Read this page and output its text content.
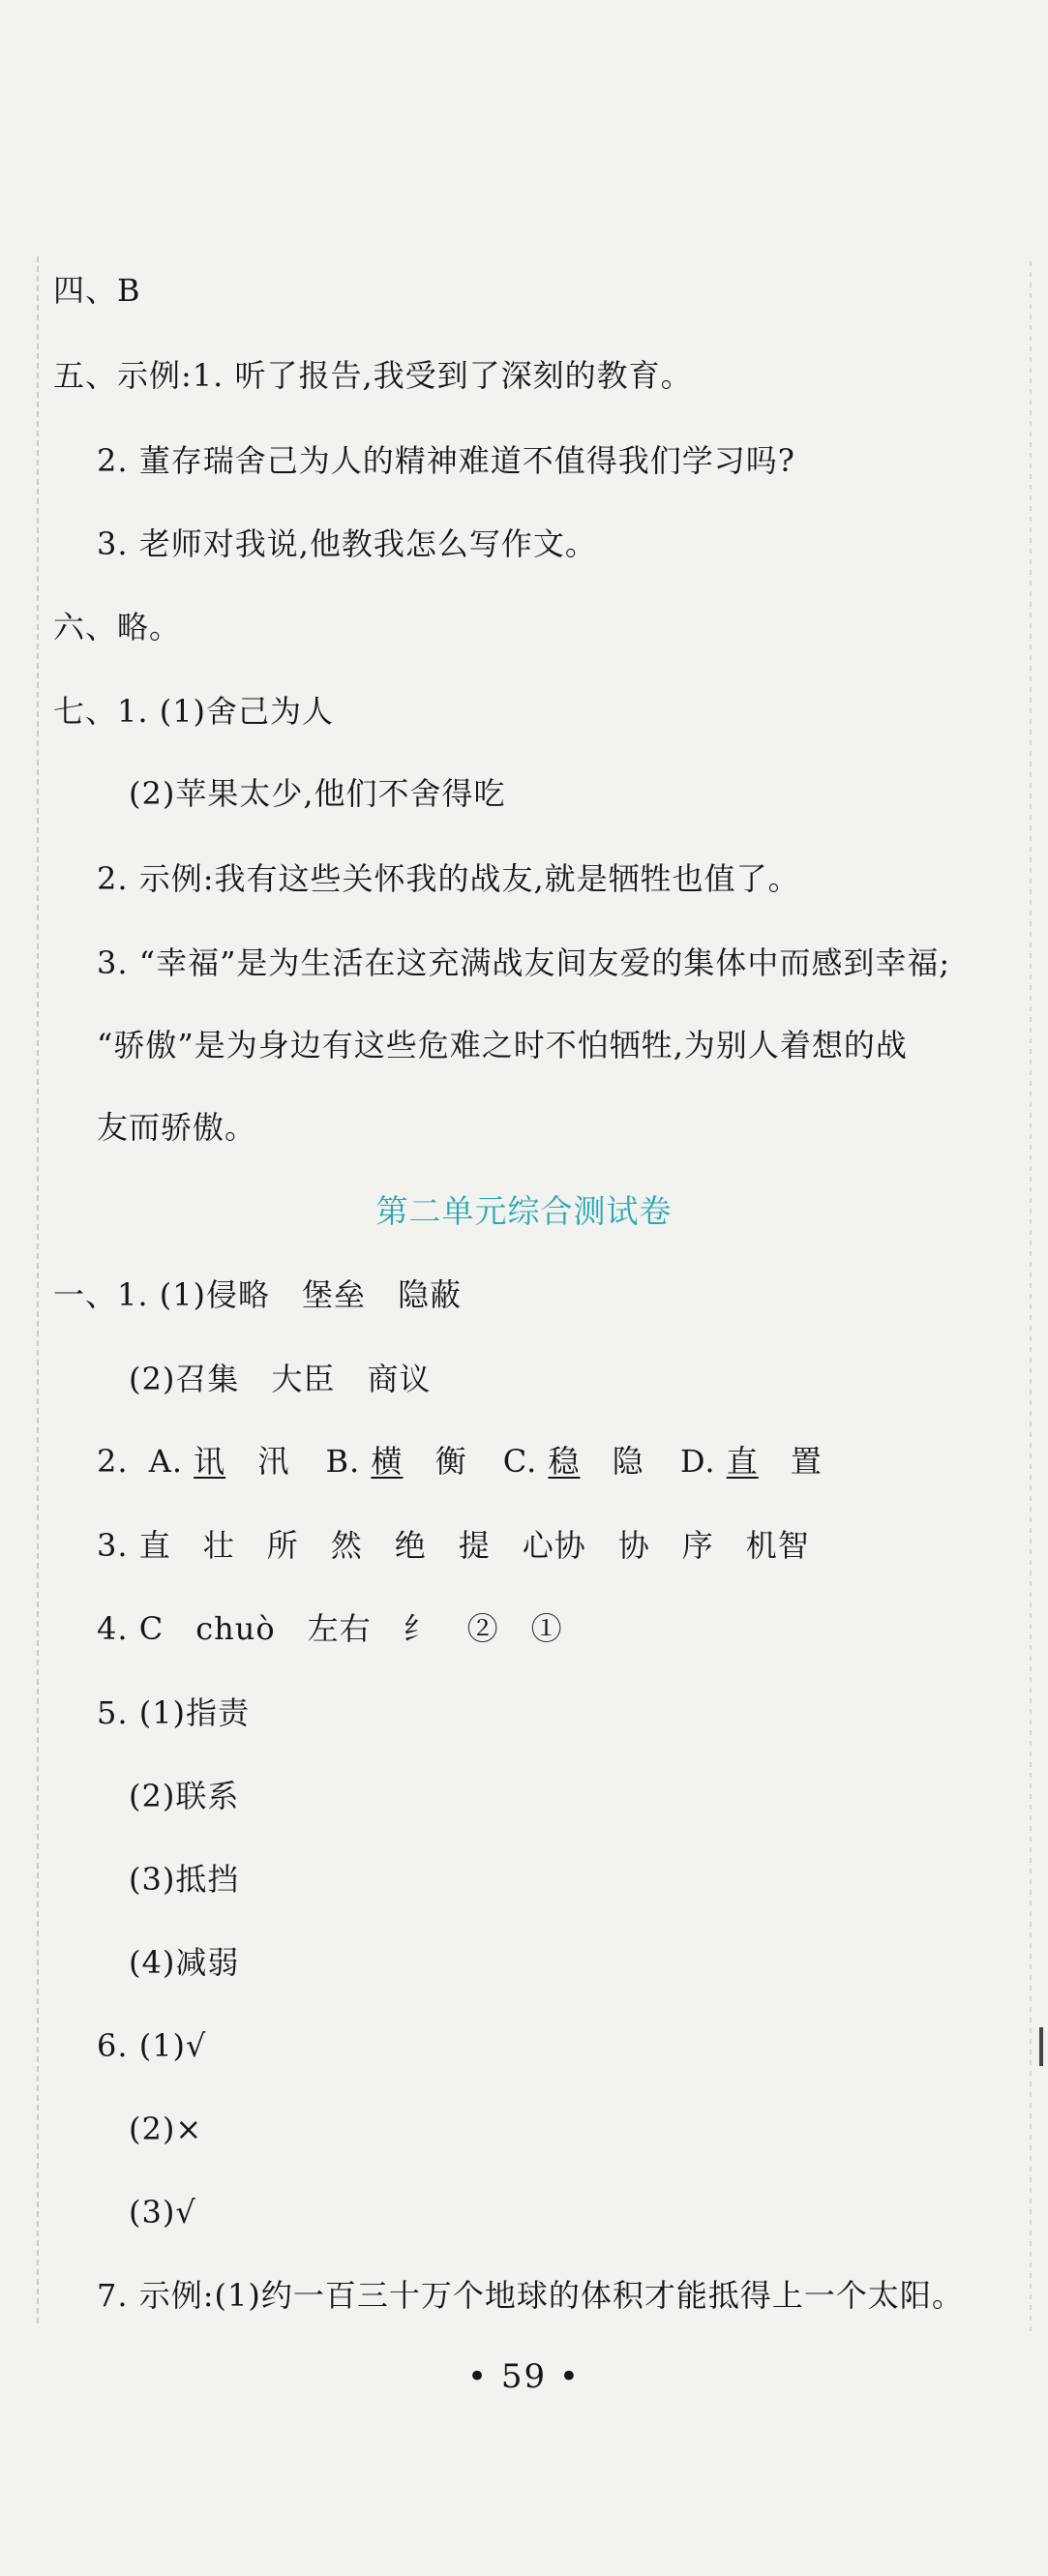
四、B
五、示例:1. 听了报告,我受到了深刻的教育。
2. 董存瑞舍己为人的精神难道不值得我们学习吗?
3. 老师对我说,他教我怎么写作文。
六、略。
七、1. (1)舍己为人
(2)苹果太少,他们不舍得吃
2. 示例:我有这些关怀我的战友,就是牺牲也值了。
3. “幸福”是为生活在这充满战友间友爱的集体中而感到幸福;
“骄傲”是为身边有这些危难之时不怕牺牲,为别人着想的战
友而骄傲。
第二单元综合测试卷
一、1. (1)侵略　堡垒　隐蔽
(2)召集　大臣　商议
2. A. 讯 汛 B. 横 衡 C. 稳 隐 D. 直 置
3. 直　壮　所　然　绝　提　心协　协　序　机智
4. C　chuò　左右　纟　②　①
5. (1)指责
(2)联系
(3)抵挡
(4)减弱
6. (1)√
(2)×
(3)√
7. 示例:(1)约一百三十万个地球的体积才能抵得上一个太阳。
• 59 •
